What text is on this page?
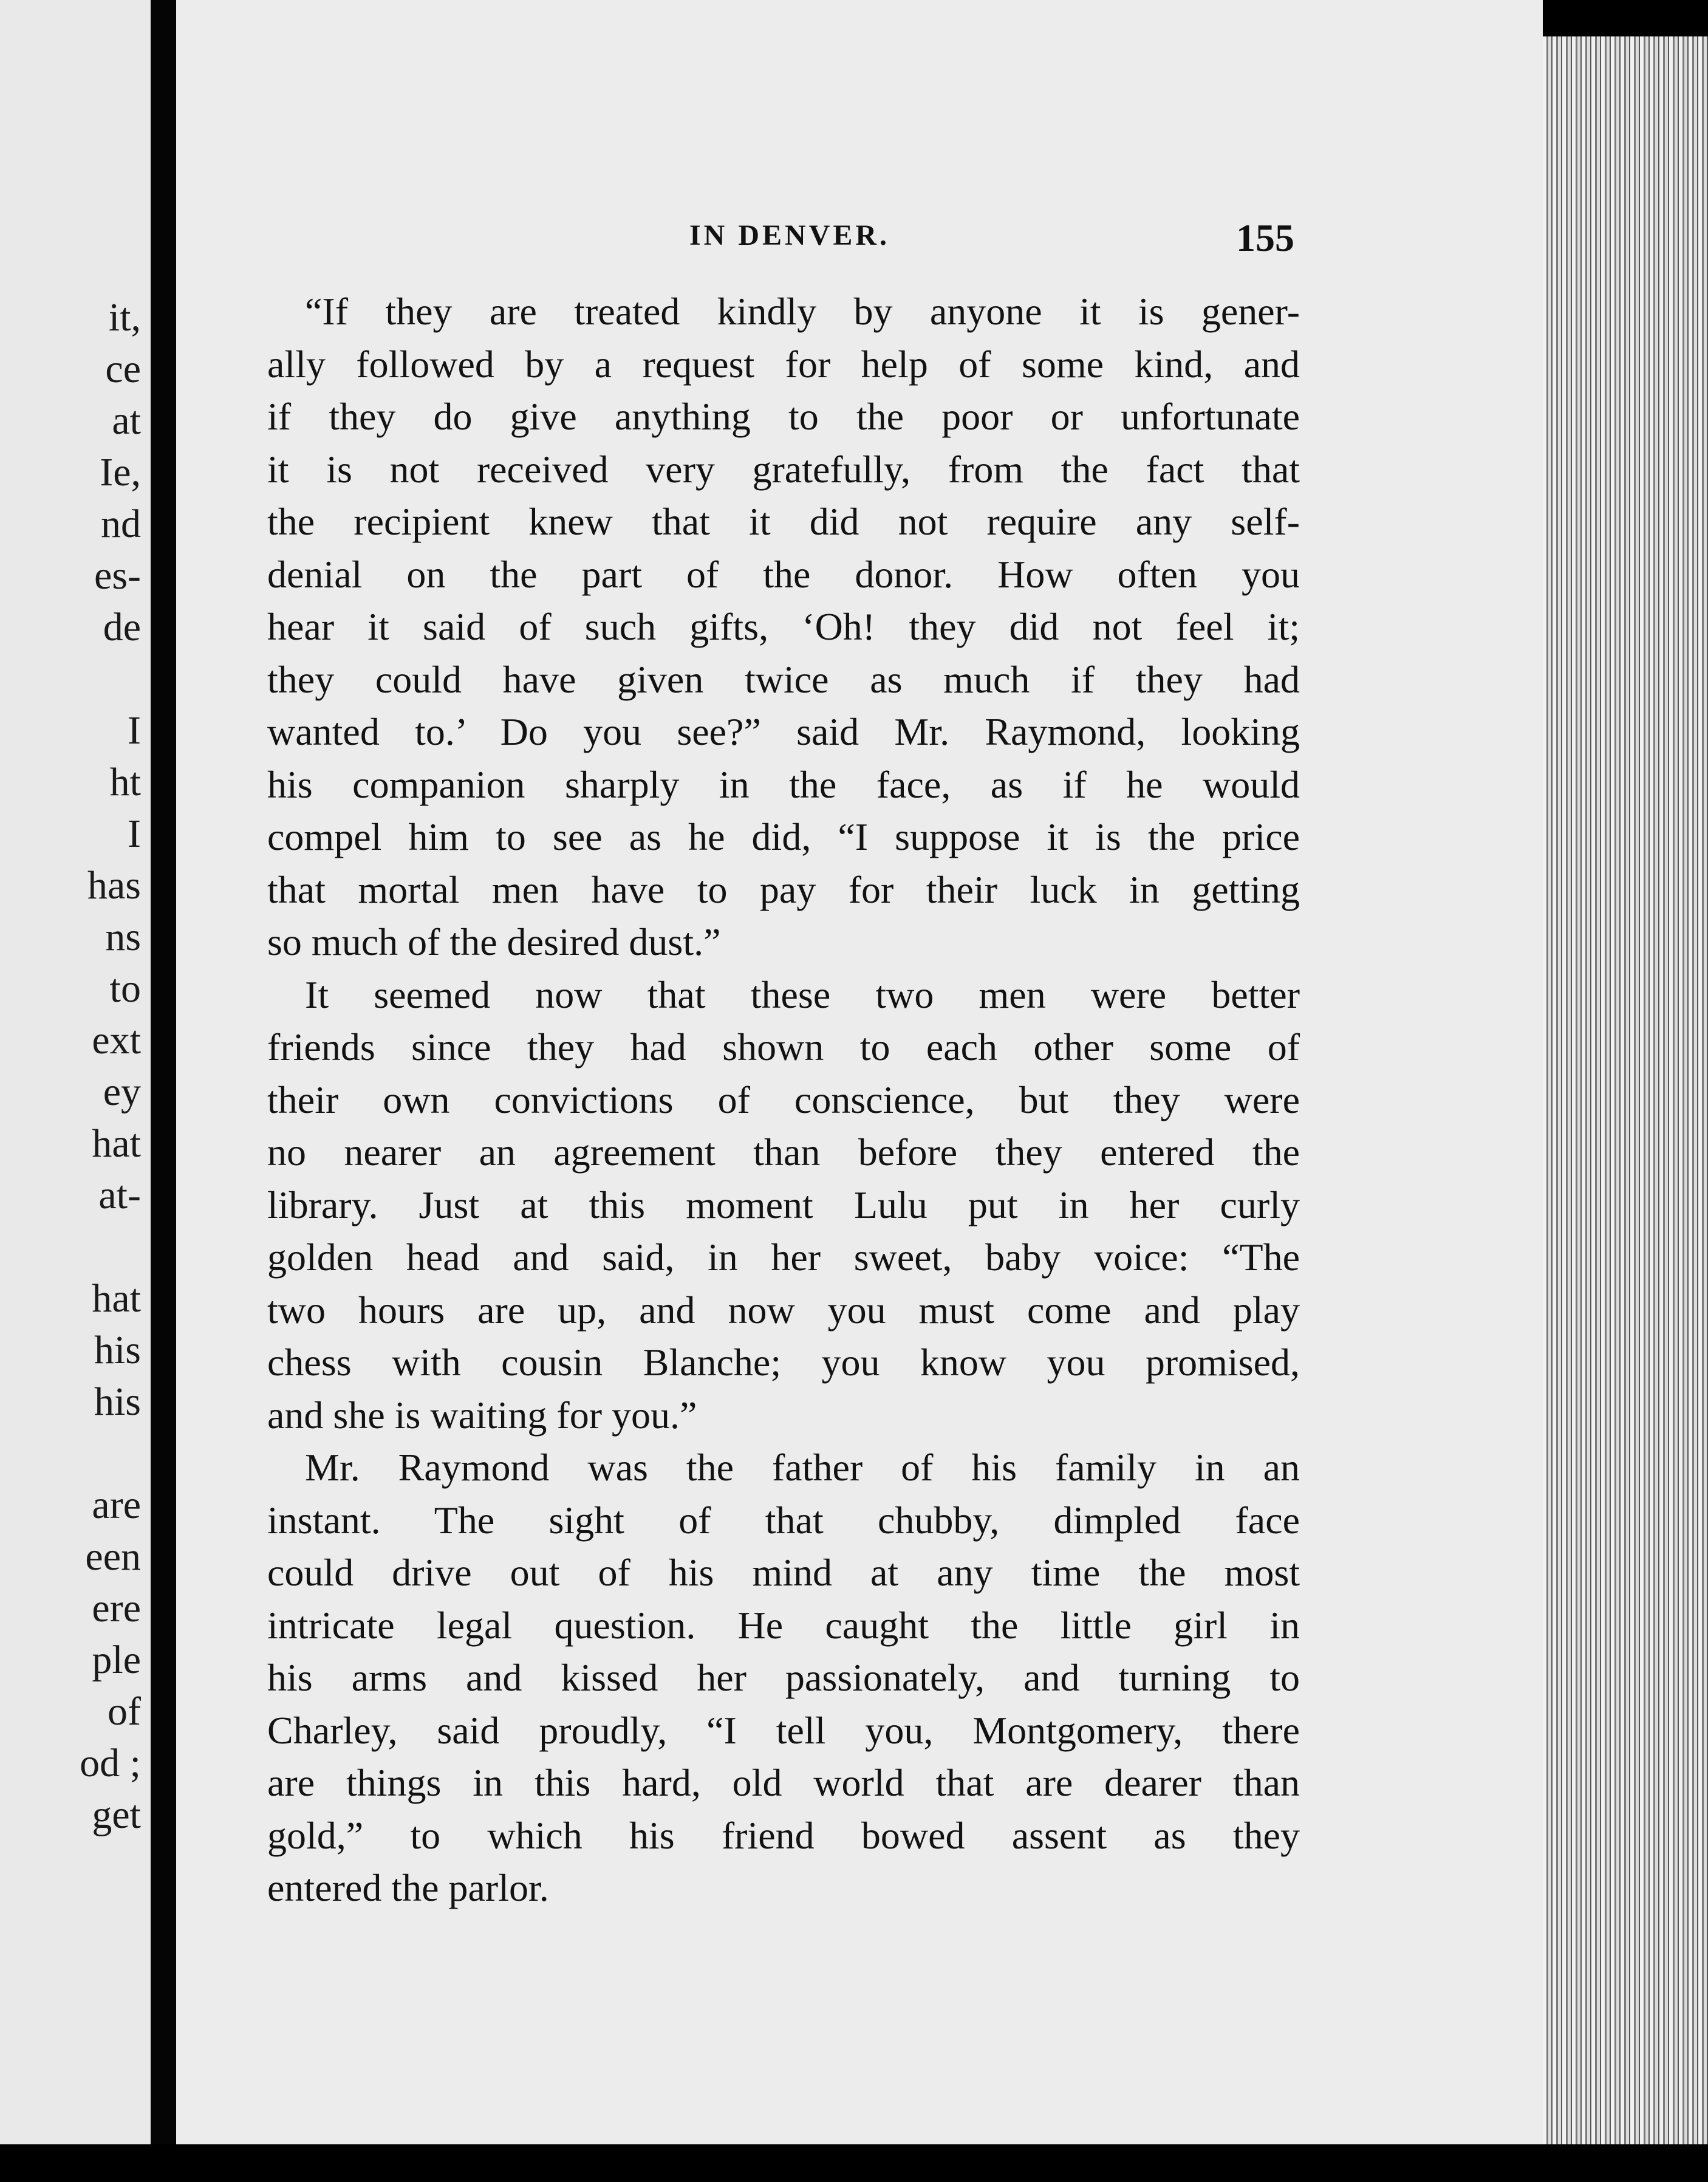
it,
ce
at
Ie,
nd
es-
de
I
ht
I
has
ns
to
ext
ey
hat
at-
hat
his
his
are
een
ere
ple
of
od ;
get
IN DENVER.	155
“If they are treated kindly by anyone it is gener-
ally followed by a request for help of some kind, and
if they do give anything to the poor or unfortunate
it is not received very gratefully, from the fact that
the recipient knew that it did not require any self-
denial on the part of the donor. How often you
hear it said of such gifts, ‘Oh! they did not feel it;
they could have given twice as much if they had
wanted to.’ Do you see?” said Mr. Raymond, looking
his companion sharply in the face, as if he would
compel him to see as he did, “I suppose it is the price
that mortal men have to pay for their luck in getting
so much of the desired dust.”
It seemed now that these two men were better
friends since they had shown to each other some of
their own convictions of conscience, but they were
no nearer an agreement than before they entered the
library. Just at this moment Lulu put in her curly
golden head and said, in her sweet, baby voice: “The
two hours are up, and now you must come and play
chess with cousin Blanche; you know you promised,
and she is waiting for you.”
Mr. Raymond was the father of his family in an
instant. The sight of that chubby, dimpled face
could drive out of his mind at any time the most
intricate legal question. He caught the little girl in
his arms and kissed her passionately, and turning to
Charley, said proudly, “I tell you, Montgomery, there
are things in this hard, old world that are dearer than
gold,” to which his friend bowed assent as they
entered the parlor.
